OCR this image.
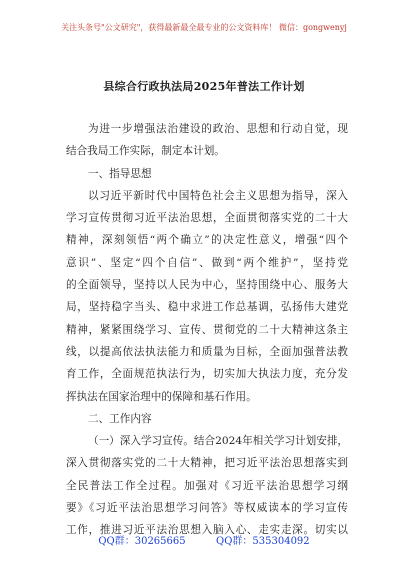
关注头条号"公文研究"，获得最新最全最专业的公文资料库！ 微信：gongwenyj
县综合行政执法局2025年普法工作计划
为进一步增强法治建设的政治、思想和行动自觉，现
结合我局工作实际，制定本计划。
一、指导思想
以习近平新时代中国特色社会主义思想为指导，深入
学习宣传贯彻习近平法治思想，全面贯彻落实党的二十大
精神，深刻领悟“两个确立”的决定性意义，增强“四个
意识”、坚定“四个自信”、做到“两个维护”，坚持党
的全面领导，坚持以人民为中心，坚持围绕中心、服务大
局，坚持稳字当头、稳中求进工作总基调，弘扬伟大建党
精神，紧紧围绕学习、宣传、贯彻党的二十大精神这条主
线，以提高依法执法能力和质量为目标，全面加强普法教
育工作，全面规范执法行为，切实加大执法力度，充分发
挥执法在国家治理中的保障和基石作用。
二、工作内容
（一）深入学习宣传。结合2024年相关学习计划安排，
深入贯彻落实党的二十大精神，把习近平法治思想落实到
全民普法工作全过程。加强对《习近平法治思想学习纲
要》《习近平法治思想学习问答》等权威读本的学习宣传
工作，推进习近平法治思想入脑入心、走实走深。切实以
QQ群：30265665	QQ群：535304092
